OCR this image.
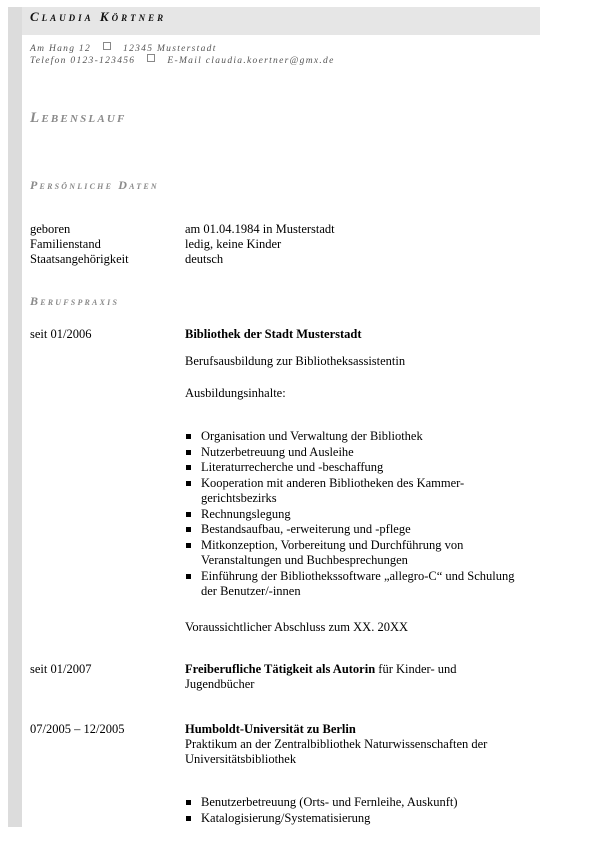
Claudia Körtner
Am Hang 12	12345 Musterstadt
Telefon 0123-123456	E-Mail claudia.koertner@gmx.de
Lebenslauf
Persönliche Daten
geboren	am 01.04.1984 in Musterstadt
Familienstand	ledig, keine Kinder
Staatsangehörigkeit	deutsch
Berufspraxis
seit 01/2006	Bibliothek der Stadt Musterstadt
Berufsausbildung zur Bibliotheksassistentin
Ausbildungsinhalte:
Organisation und Verwaltung der Bibliothek
Nutzerbetreuung und Ausleihe
Literaturrecherche und -beschaffung
Kooperation mit anderen Bibliotheken des Kammer-gerichtsbezirks
Rechnungslegung
Bestandsaufbau, -erweiterung und -pflege
Mitkonzeption, Vorbereitung und Durchführung von Veranstaltungen und Buchbesprechungen
Einführung der Bibliothekssoftware „allegro-C“ und Schulung der Benutzer/-innen
Voraussichtlicher Abschluss zum XX. 20XX
seit 01/2007	Freiberufliche Tätigkeit als Autorin für Kinder- und Jugendbücher
07/2005 – 12/2005	Humboldt-Universität zu Berlin
Praktikum an der Zentralbibliothek Naturwissenschaften der Universitätsbibliothek
Benutzerbetreuung (Orts- und Fernleihe, Auskunft)
Katalogisierung/Systematisierung
